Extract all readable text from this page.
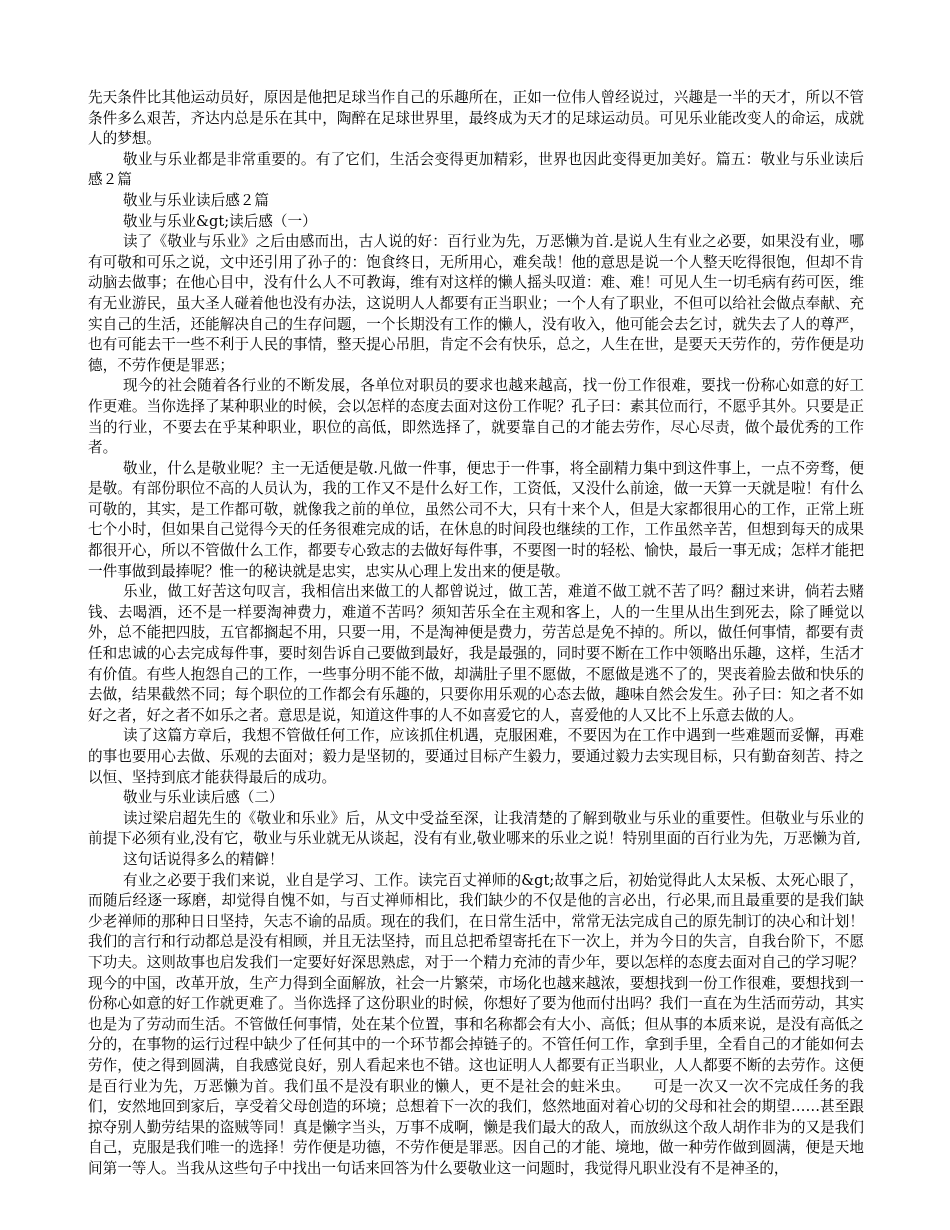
先天条件比其他运动员好，原因是他把足球当作自己的乐趣所在，正如一位伟人曾经说过，兴趣是一半的天才，所以不管条件多么艰苦，齐达内总是乐在其中，陶醉在足球世界里，最终成为天才的足球运动员。可见乐业能改变人的命运，成就人的梦想。

敬业与乐业都是非常重要的。有了它们，生活会变得更加精彩，世界也因此变得更加美好。篇五：敬业与乐业读后感２篇

敬业与乐业读后感２篇

敬业与乐业&gt;读后感（一）

读了《敬业与乐业》之后由感而出，古人说的好：百行业为先，万恶懒为首.是说人生有业之必要，如果没有业，哪有可敬和可乐之说，文中还引用了孙子的：饱食终日，无所用心，难矣哉！他的意思是说一个人整天吃得很饱，但却不肯动脑去做事；在他心目中，没有什么人不可教诲，维有对这样的懒人摇头叹道：难、难！可见人生一切毛病有药可医，维有无业游民，虽大圣人碰着他也没有办法，这说明人人都要有正当职业；一个人有了职业，不但可以给社会做点奉献、充实自己的生活，还能解决自己的生存问题，一个长期没有工作的懒人，没有收入，他可能会去乞讨，就失去了人的尊严，也有可能去干一些不利于人民的事情，整天提心吊胆，肯定不会有快乐，总之，人生在世，是要天天劳作的，劳作便是功德，不劳作便是罪恶；

现今的社会随着各行业的不断发展，各单位对职员的要求也越来越高，找一份工作很难，要找一份称心如意的好工作更难。当你选择了某种职业的时候，会以怎样的态度去面对这份工作呢？孔子曰：素其位而行，不愿乎其外。只要是正当的行业，不要去在乎某种职业，职位的高低，即然选择了，就要靠自己的才能去劳作，尽心尽责，做个最优秀的工作者。

敬业，什么是敬业呢？主一无适便是敬.凡做一件事，便忠于一件事，将全副精力集中到这件事上，一点不旁骛，便是敬。有部份职位不高的人员认为，我的工作又不是什么好工作，工资低，又没什么前途，做一天算一天就是啦！有什么可敬的，其实，是工作都可敬，就像我之前的单位，虽然公司不大，只有十来个人，但是大家都很用心的工作，正常上班七个小时，但如果自己觉得今天的任务很难完成的话，在休息的时间段也继续的工作，工作虽然辛苦，但想到每天的成果都很开心，所以不管做什么工作，都要专心致志的去做好每件事，不要图一时的轻松、愉快，最后一事无成；怎样才能把一件事做到最捧呢？惟一的秘诀就是忠实，忠实从心理上发出来的便是敬。

乐业，做工好苦这句叹言，我相信出来做工的人都曾说过，做工苦，难道不做工就不苦了吗？翻过来讲，倘若去赌钱、去喝酒，还不是一样要淘神费力，难道不苦吗？须知苦乐全在主观和客上，人的一生里从出生到死去，除了睡觉以外，总不能把四肢，五官都搁起不用，只要一用，不是淘神便是费力，劳苦总是免不掉的。所以，做任何事情，都要有责任和忠诚的心去完成每件事，要时刻告诉自己要做到最好，我是最强的，同时要不断在工作中领略出乐趣，这样，生活才有价值。有些人抱怨自己的工作，一些事分明不能不做，却满肚子里不愿做，不愿做是逃不了的，哭丧着脸去做和快乐的去做，结果截然不同；每个职位的工作都会有乐趣的，只要你用乐观的心态去做，趣味自然会发生。孙子曰：知之者不如好之者，好之者不如乐之者。意思是说，知道这件事的人不如喜爱它的人，喜爱他的人又比不上乐意去做的人。

读了这篇方章后，我想不管做任何工作，应该抓住机遇，克服困难，不要因为在工作中遇到一些难题而妥懈，再难的事也要用心去做、乐观的去面对；毅力是坚韧的，要通过目标产生毅力，要通过毅力去实现目标，只有勤奋刻苦、持之以恒、坚持到底才能获得最后的成功。

敬业与乐业读后感（二）

读过梁启超先生的《敬业和乐业》后，从文中受益至深，让我清楚的了解到敬业与乐业的重要性。但敬业与乐业的前提下必须有业,没有它，敬业与乐业就无从谈起，没有有业,敬业哪来的乐业之说！特别里面的百行业为先，万恶懒为首,

这句话说得多么的精僻！

有业之必要于我们来说，业自是学习、工作。读完百丈禅师的&gt;故事之后，初始觉得此人太呆板、太死心眼了，而随后经逐一琢磨，却觉得自愧不如，与百丈禅师相比，我们缺少的不仅是他的言必出，行必果,而且最重要的是我们缺少老禅师的那种日日坚持，矢志不谕的品质。现在的我们，在日常生活中，常常无法完成自己的原先制订的决心和计划！我们的言行和行动都总是没有相顾，并且无法坚持，而且总把希望寄托在下一次上，并为今日的失言，自我台阶下，不愿下功夫。这则故事也启发我们一定要好好深思熟虑，对于一个精力充沛的青少年，要以怎样的态度去面对自己的学习呢？现今的中国，改革开放，生产力得到全面解放，社会一片繁荣，市场化也越来越浓，要想找到一份工作很难，要想找到一份称心如意的好工作就更难了。当你选择了这份职业的时候，你想好了要为他而付出吗？我们一直在为生活而劳动，其实也是为了劳动而生活。不管做任何事情，处在某个位置，事和名称都会有大小、高低；但从事的本质来说，是没有高低之分的，在事物的运行过程中缺少了任何其中的一个环节都会掉链子的。不管任何工作，拿到手里，全看自己的才能如何去劳作，使之得到圆满，自我感觉良好，别人看起来也不错。这也证明人人都要有正当职业，人人都要不断的去劳作。这便是百行业为先，万恶懒为首。我们虽不是没有职业的懒人，更不是社会的蛀米虫。　　可是一次又一次不完成任务的我们，安然地回到家后，享受着父母创造的环境；总想着下一次的我们，悠然地面对着心切的父母和社会的期望……甚至跟掠夺别人勤劳结果的盗贼等同！真是懒字当头，万事不成啊，懒是我们最大的敌人，而放纵这个敌人胡作非为的又是我们自己，克服是我们唯一的选择！劳作便是功德，不劳作便是罪恶。因自己的才能、境地，做一种劳作做到圆满，便是天地间第一等人。当我从这些句子中找出一句话来回答为什么要敬业这一问题时，我觉得凡职业没有不是神圣的，
